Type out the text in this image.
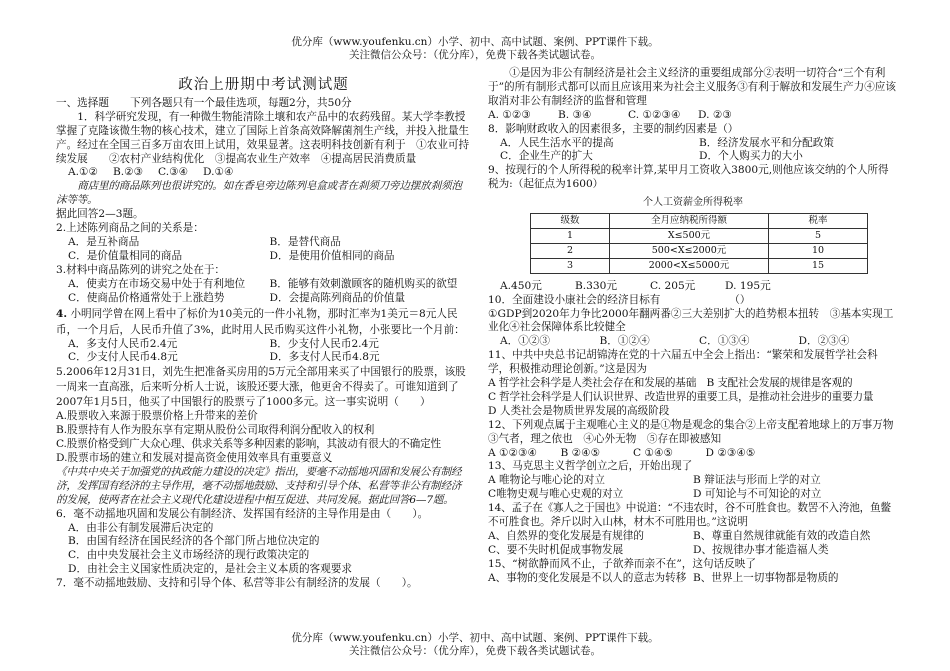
优分库（www.youfenku.cn）小学、初中、高中试题、案例、PPT课件下载。
关注微信公众号：（优分库），免费下载各类试题试卷。
政治上册期中考试测试题

一、选择题　　下列各题只有一个最佳选项，每题2分，共50分

1．科学研究发现，有一种微生物能清除土壤和农产品中的农药残留。某大学李教授掌握了克隆该微生物的核心技术，建立了国际上首条高效降解菌剂生产线，并投入批量生产。经过在全国三百多万亩农田上试用，效果显著。这表明科技创新有利于　①农业可持续发展　　②农村产业结构优化　③提高农业生产效率　④提高居民消费质量

A.①②	B.②③	C.③④	D.①④

商店里的商品陈列也很讲究的。如在香皂旁边陈列皂盒或者在刹须刀旁边摆放刹须泡沫等等。

据此回答2—3题。

2.上述陈列商品之间的关系是：

A．是互补商品	B．是替代商品
C．是价值量相同的商品	D．是使用价值相同的商品

3.材料中商品陈列的讲究之处在于：

A．使卖方在市场交易中处于有利地位	B．能够有效刺激顾客的随机购买的欲望
C．使商品价格通常处于上涨趋势	D．会提高陈列商品的价值量

4. 小明同学曾在网上看中了标价为10美元的一件小礼物，那时汇率为1美元＝8元人民币，一个月后，人民币升值了3%，此时用人民币购买这件小礼物，小张要比一个月前：

A．多支付人民币2.4元	B．少支付人民币2.4元
C．少支付人民币4.8元	D．多支付人民币4.8元

5.2006年12月31日，刘先生把准备买房用的5万元全部用来买了中国银行的股票，该股一周来一直高涨，后来听分析人士说，该股还要大涨，他更舍不得卖了。可谁知道到了2007年1月5日，他买了中国银行的股票亏了1000多元。这一事实说明（　　）

A.股票收入来源于股票价格上升带来的差价

B.股票持有人作为股东享有定期从股份公司取得利润分配收入的权利

C.股票价格受到广大众心理、供求关系等多种因素的影响，其波动有很大的不确定性

D.股票市场的建立和发展对提高资金使用效率具有重要意义

《中共中央关于加强党的执政能力建设的决定》指出，要毫不动摇地巩固和发展公有制经济，发挥国有经济的主导作用，毫不动摇地鼓励、支持和引导个体、私营等非公有制经济的发展，使两者在社会主义现代化建设进程中相互促进、共同发展。据此回答6—7题。

6．毫不动摇地巩固和发展公有制经济、发挥国有经济的主导作用是由（　　）。

A．由非公有制发展滞后决定的

B．由国有经济在国民经济的各个部门所占地位决定的

C．由中央发展社会主义市场经济的现行政策决定的

D．由社会主义国家性质决定的，是社会主义本质的客观要求

7．毫不动摇地鼓励、支持和引导个体、私营等非公有制经济的发展（　　）。

①是因为非公有制经济是社会主义经济的重要组成部分②表明一切符合“三个有利于”的所有制形式都可以而且应该用来为社会主义服务③有利于解放和发展生产力④应该取消对非公有制经济的监督和管理

A. ①②③	B. ③④	C. ①②③④	D. ②③

8．影响财政收入的因素很多，主要的制约因素是（）

A．人民生活水平的提高	B．经济发展水平和分配政策
C．企业生产的扩大	D．个人购买力的大小

9、按现行的个人所得税的税率计算,某甲月工资收入3800元,则他应该交纳的个人所得税为:（起征点为1600）

个人工资薪金所得税率
级数	全月应纳税所得额	税率
1	X≤500元	5
2	500<X≤2000元	10
3	2000<X≤5000元	15
A.450元	B.330元	C. 205元	D. 195元

10．全面建设小康社会的经济目标有　　　　　　　（）

①GDP到2020年力争比2000年翻两番②三大差别扩大的趋势根本扭转　③基本实现工业化④社会保障体系比较健全

A．①②③	B．①②④	C．①③④	D．②③④

11、中共中央总书记胡锦涛在党的十六届五中全会上指出：“繁荣和发展哲学社会科学，积极推动理论创新。”这是因为

A 哲学社会科学是人类社会存在和发展的基础　B 支配社会发展的规律是客观的

C 哲学社会科学是人们认识世界、改造世界的重要工具，是推动社会进步的重要力量

D 人类社会是物质世界发展的高级阶段

12、下列观点属于主观唯心主义的是①物是观念的集合②上帝支配着地球上的万事万物③气者，理之依也　④心外无物　⑤存在即被感知

A ①②③④	B ②④⑤	C ①④⑤	D ②③④⑤

13、马克思主义哲学创立之后，开始出现了

A 唯物论与唯心论的对立	B 辩证法与形而上学的对立
C唯物史观与唯心史观的对立	D 可知论与不可知论的对立

14、孟子在《寡人之于国也》中说道：“不违农时，谷不可胜食也。数罟不入洿池，鱼鳖不可胜食也。斧斤以时入山林，材木不可胜用也。”这说明

A、自然界的变化发展是有规律的	B、尊重自然规律就能有效的改造自然
C、要不失时机促成事物发展	D、按规律办事才能造福人类

15、“树欲静而风不止，子欲养而亲不在”，这句话反映了

A、事物的变化发展是不以人的意志为转移 B、世界上一切事物都是物质的
优分库（www.youfenku.cn）小学、初中、高中试题、案例、PPT课件下载。
关注微信公众号：（优分库），免费下载各类试题试卷。
